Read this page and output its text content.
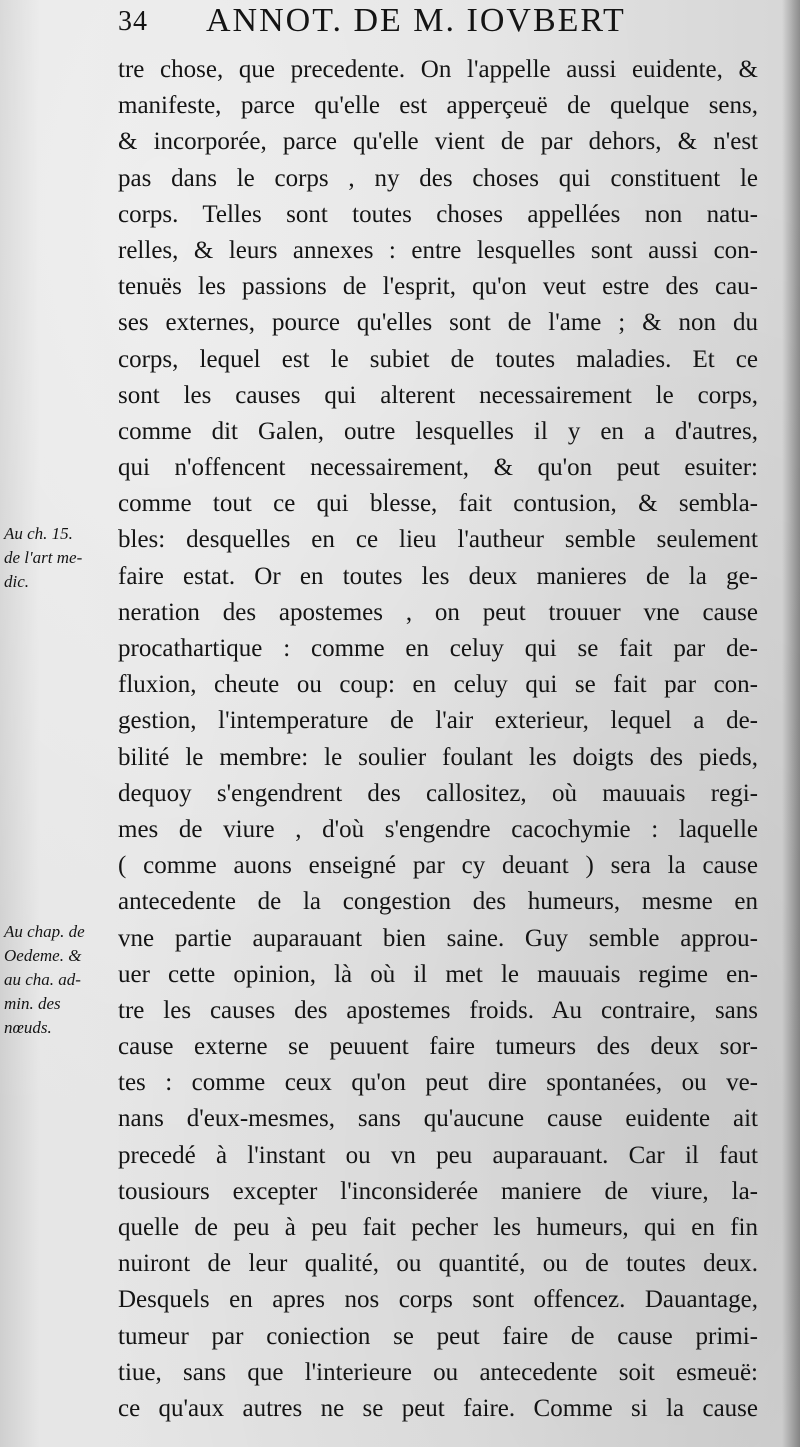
34 ANNOT. DE M. IOVBERT
Au ch. 15.
de l'art me-
dic.
Au chap. de
Oedeme. &
au cha. ad-
min. des
nœuds.
tre chose, que precedente. On l'appelle aussi euidente, &
manifeste, parce qu'elle est apperçeuë de quelque sens,
& incorporée, parce qu'elle vient de par dehors, & n'est
pas dans le corps , ny des choses qui constituent le
corps. Telles sont toutes choses appellées non natu-
relles, & leurs annexes : entre lesquelles sont aussi con-
tenuës les passions de l'esprit, qu'on veut estre des cau-
ses externes, pource qu'elles sont de l'ame ; & non du
corps, lequel est le subiet de toutes maladies. Et ce
sont les causes qui alterent necessairement le corps,
comme dit Galen, outre lesquelles il y en a d'autres,
qui n'offencent necessairement, & qu'on peut esuiter:
comme tout ce qui blesse, fait contusion, & sembla-
bles: desquelles en ce lieu l'autheur semble seulement
faire estat. Or en toutes les deux manieres de la ge-
neration des apostemes , on peut trouuer vne cause
procathartique : comme en celuy qui se fait par de-
fluxion, cheute ou coup: en celuy qui se fait par con-
gestion, l'intemperature de l'air exterieur, lequel a de-
bilité le membre: le soulier foulant les doigts des pieds,
dequoy s'engendrent des callositez, où mauuais regi-
mes de viure , d'où s'engendre cacochymie : laquelle
( comme auons enseigné par cy deuant ) sera la cause
antecedente de la congestion des humeurs, mesme en
vne partie auparauant bien saine. Guy semble approu-
uer cette opinion, là où il met le mauuais regime en-
tre les causes des apostemes froids. Au contraire, sans
cause externe se peuuent faire tumeurs des deux sor-
tes : comme ceux qu'on peut dire spontanées, ou ve-
nans d'eux-mesmes, sans qu'aucune cause euidente ait
precedé à l'instant ou vn peu auparauant. Car il faut
tousiours excepter l'inconsiderée maniere de viure, la-
quelle de peu à peu fait pecher les humeurs, qui en fin
nuiront de leur qualité, ou quantité, ou de toutes deux.
Desquels en apres nos corps sont offencez. Dauantage,
tumeur par coniection se peut faire de cause primi-
tiue, sans que l'interieure ou antecedente soit esmeuë:
ce qu'aux autres ne se peut faire. Comme si la cause
